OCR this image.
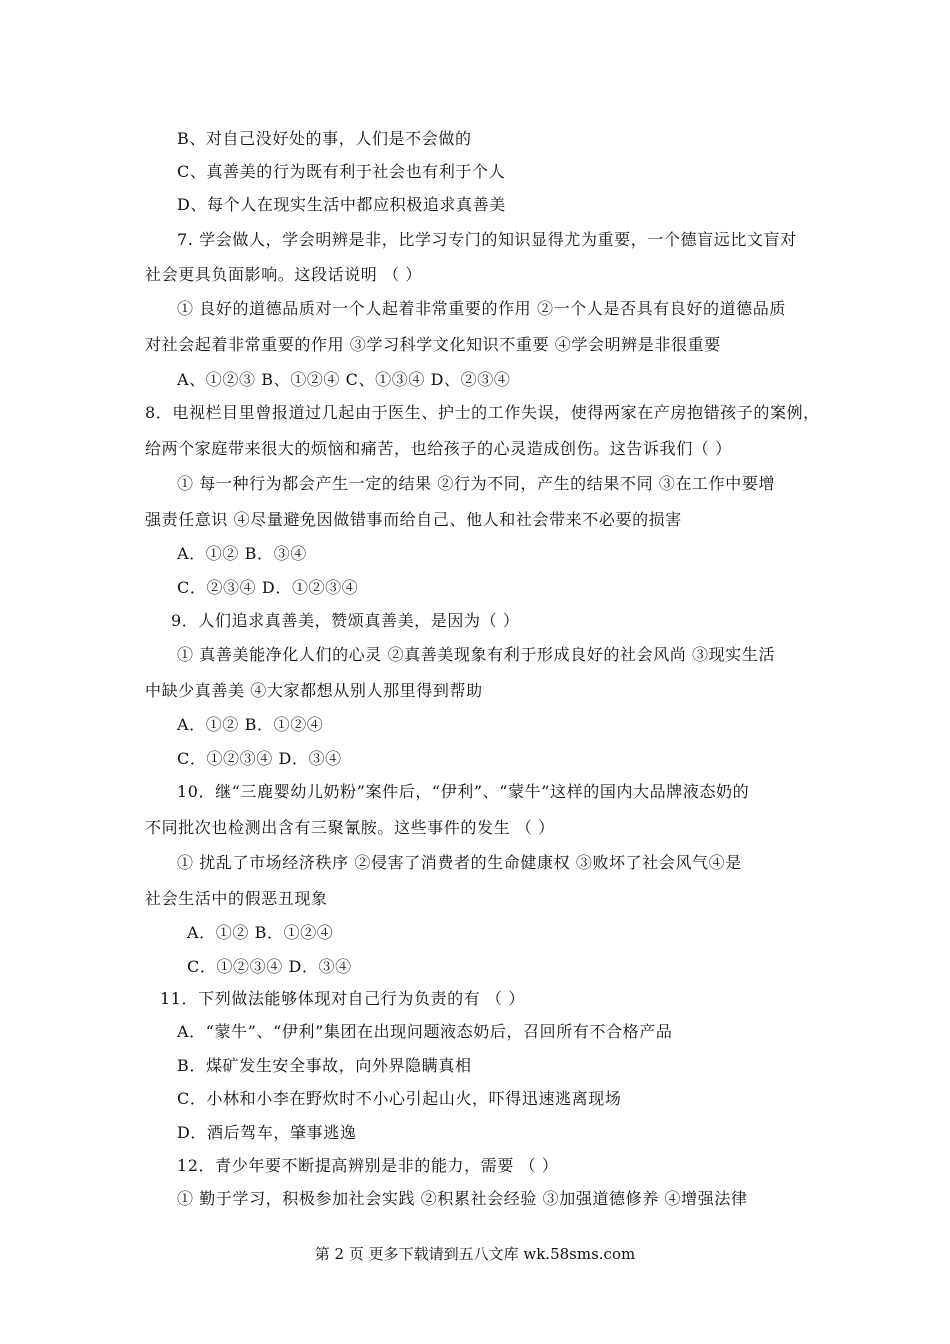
B、对自己没好处的事，人们是不会做的
C、真善美的行为既有利于社会也有利于个人
D、每个人在现实生活中都应积极追求真善美
7. 学会做人，学会明辨是非，比学习专门的知识显得尤为重要，一个德盲远比文盲对
社会更具负面影响。这段话说明 （ ）
① 良好的道德品质对一个人起着非常重要的作用 ②一个人是否具有良好的道德品质
对社会起着非常重要的作用 ③学习科学文化知识不重要 ④学会明辨是非很重要
A、①②③ B、①②④ C、①③④ D、②③④
8．电视栏目里曾报道过几起由于医生、护士的工作失误，使得两家在产房抱错孩子的案例，
给两个家庭带来很大的烦恼和痛苦，也给孩子的心灵造成创伤。这告诉我们（ ）
① 每一种行为都会产生一定的结果 ②行为不同，产生的结果不同 ③在工作中要增
强责任意识 ④尽量避免因做错事而给自己、他人和社会带来不必要的损害
A．①② B．③④
C．②③④ D．①②③④
9．人们追求真善美，赞颂真善美，是因为（ ）
① 真善美能净化人们的心灵 ②真善美现象有利于形成良好的社会风尚 ③现实生活
中缺少真善美 ④大家都想从别人那里得到帮助
A．①② B．①②④
C．①②③④ D．③④
10．继“三鹿婴幼儿奶粉”案件后，“伊利”、“蒙牛”这样的国内大品牌液态奶的
不同批次也检测出含有三聚氰胺。这些事件的发生 （ ）
① 扰乱了市场经济秩序 ②侵害了消费者的生命健康权 ③败坏了社会风气④是
社会生活中的假恶丑现象
A．①② B．①②④
C．①②③④ D．③④
11．下列做法能够体现对自己行为负责的有 （ ）
A．“蒙牛”、“伊利”集团在出现问题液态奶后，召回所有不合格产品
B．煤矿发生安全事故，向外界隐瞒真相
C．小林和小李在野炊时不小心引起山火，吓得迅速逃离现场
D．酒后驾车，肇事逃逸
12．青少年要不断提高辨别是非的能力，需要 （ ）
① 勤于学习，积极参加社会实践 ②积累社会经验 ③加强道德修养 ④增强法律
第 2 页 更多下载请到五八文库 wk.58sms.com
